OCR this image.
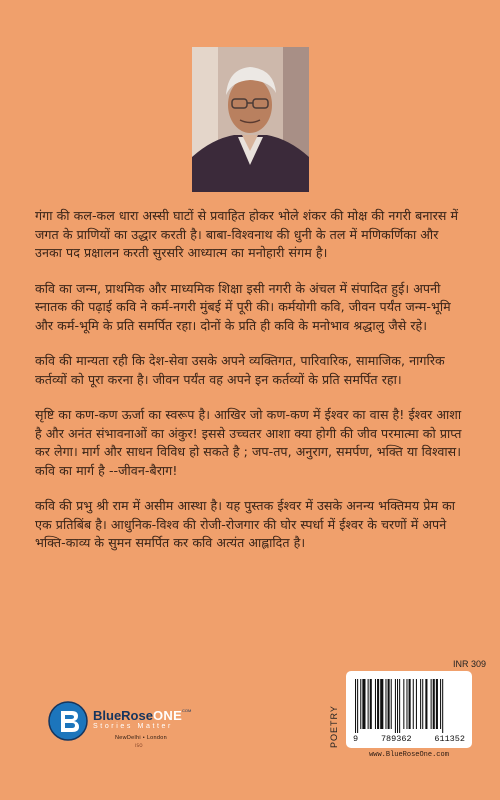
गंगा की कल-कल धारा अस्सी घाटों से प्रवाहित होकर भोले शंकर की मोक्ष की नगरी बनारस में जगत के प्राणियों का उद्धार करती है। बाबा-विश्वनाथ की धुनी के तल में मणिकर्णिका और उनका पद प्रक्षालन करती सुरसरि आध्यात्म का मनोहारी संगम है।

कवि का जन्म, प्राथमिक और माध्यमिक शिक्षा इसी नगरी के अंचल में संपादित हुई। अपनी स्नातक की पढ़ाई कवि ने कर्म-नगरी मुंबई में पूरी की। कर्मयोगी कवि, जीवन पर्यंत जन्म-भूमि और कर्म-भूमि के प्रति समर्पित रहा। दोनों के प्रति ही कवि के मनोभाव श्रद्धालु जैसे रहे।

कवि की मान्यता रही कि देश-सेवा उसके अपने व्यक्तिगत, पारिवारिक, सामाजिक, नागरिक कर्तव्यों को पूरा करना है। जीवन पर्यंत वह अपने इन कर्तव्यों के प्रति समर्पित रहा।

सृष्टि का कण-कण ऊर्जा का स्वरूप है। आखिर जो कण-कण में ईश्वर का वास है! ईश्वर आशा है और अनंत संभावनाओं का अंकुर! इससे उच्चतर आशा क्या होगी की जीव परमात्मा को प्राप्त कर लेगा। मार्ग और साधन विविध हो सकते है ; जप-तप, अनुराग, समर्पण, भक्ति या विश्वास। कवि का मार्ग है --जीवन-बैराग!

कवि की प्रभु श्री राम में असीम आस्था है। यह पुस्तक ईश्वर में उसके अनन्य भक्तिमय प्रेम का एक प्रतिबिंब है। आधुनिक-विश्व की रोजी-रोजगार की घोर स्पर्धा में ईश्वर के चरणों में अपने भक्ति-काव्य के सुमन समर्पित कर कवि अत्यंत आह्लादित है।

INR 309
POETRY	9	789362	611352
www.BlueRoseOne.com
BlueRoseONE$^{COM}$
Stories Matter
NewDelhi • London
ISO
